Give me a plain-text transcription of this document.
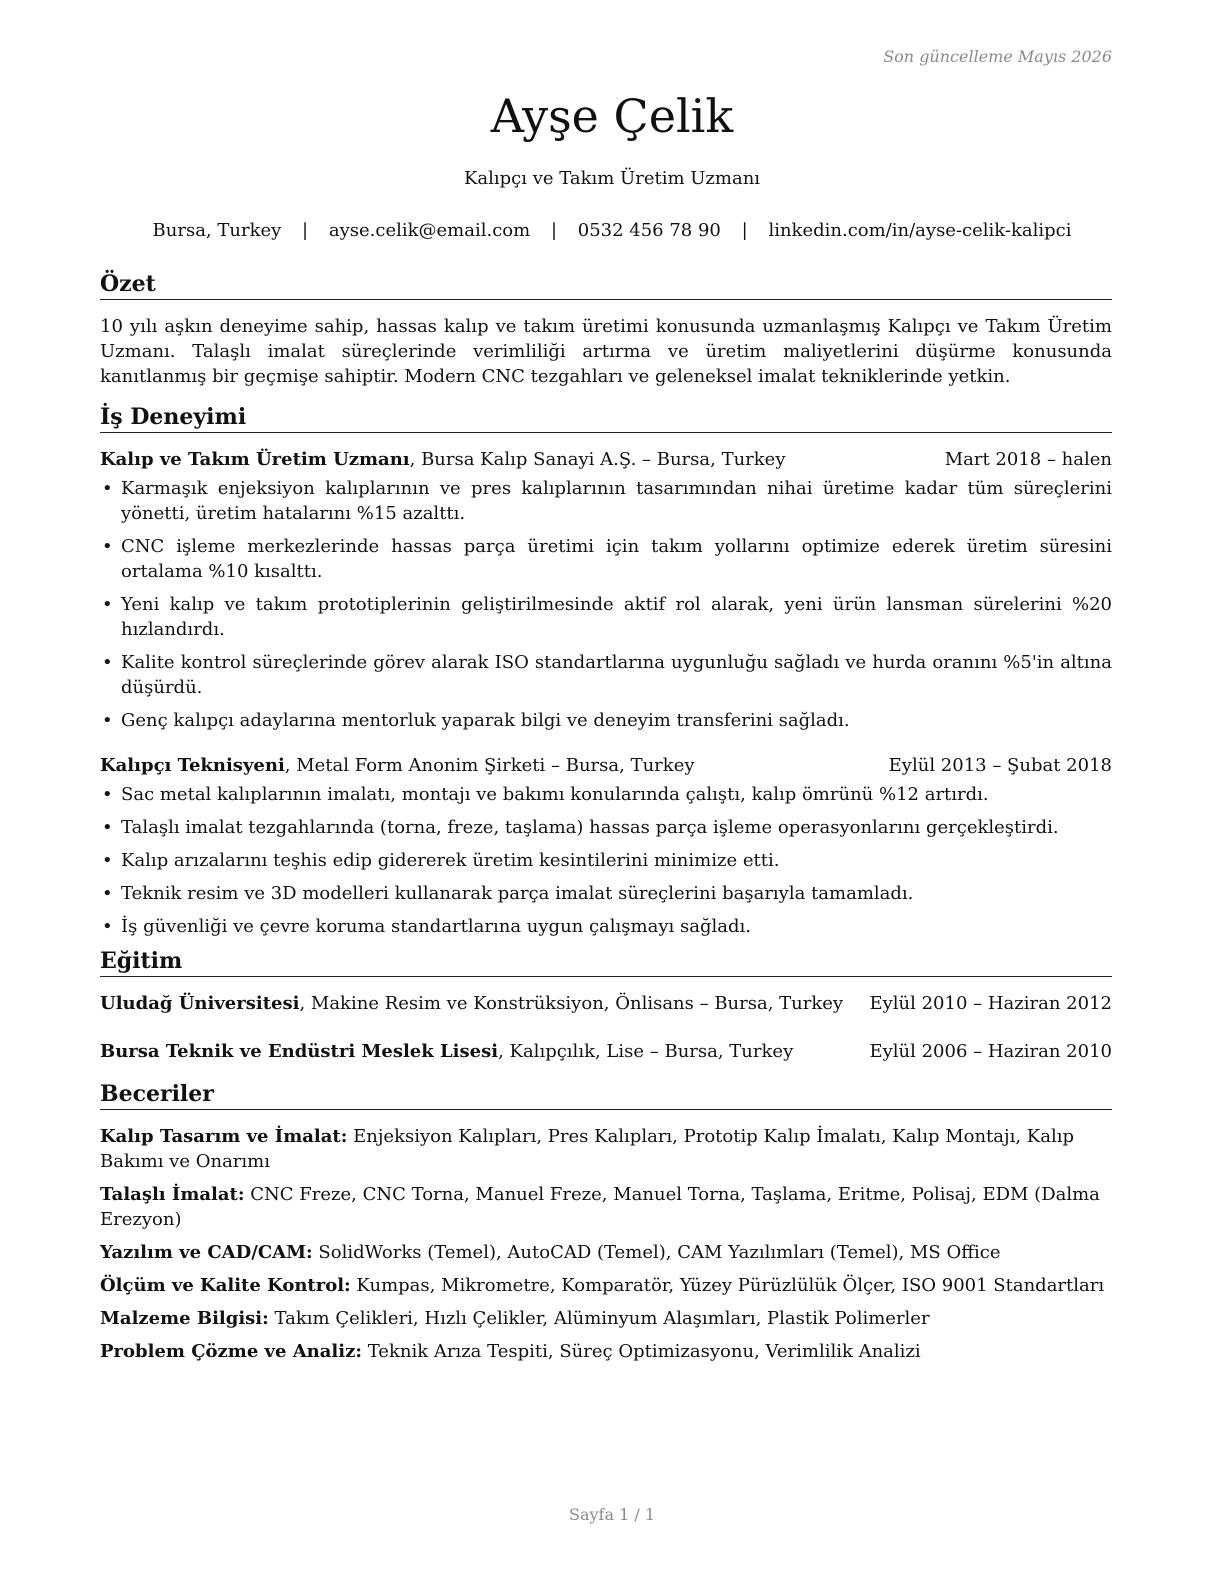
Son güncelleme Mayıs 2026
Ayşe Çelik
Kalıpçı ve Takım Üretim Uzmanı
Bursa, Turkey | ayse.celik@email.com | 0532 456 78 90 | linkedin.com/in/ayse-celik-kalipci
Özet

10 yılı aşkın deneyime sahip, hassas kalıp ve takım üretimi konusunda uzmanlaşmış Kalıpçı ve Takım Üretim Uzmanı. Talaşlı imalat süreçlerinde verimliliği artırma ve üretim maliyetlerini düşürme konusunda kanıtlanmış bir geçmişe sahiptir. Modern CNC tezgahları ve geleneksel imalat tekniklerinde yetkin.

İş Deneyimi
Kalıp ve Takım Üretim Uzmanı, Bursa Kalıp Sanayi A.Ş. – Bursa, Turkey	Mart 2018 – halen
• Karmaşık enjeksiyon kalıplarının ve pres kalıplarının tasarımından nihai üretime kadar tüm süreçlerini yönetti, üretim hatalarını %15 azalttı.
• CNC işleme merkezlerinde hassas parça üretimi için takım yollarını optimize ederek üretim süresini ortalama %10 kısalttı.
• Yeni kalıp ve takım prototiplerinin geliştirilmesinde aktif rol alarak, yeni ürün lansman sürelerini %20 hızlandırdı.
• Kalite kontrol süreçlerinde görev alarak ISO standartlarına uygunluğu sağladı ve hurda oranını %5'in altına düşürdü.
• Genç kalıpçı adaylarına mentorluk yaparak bilgi ve deneyim transferini sağladı.
Kalıpçı Teknisyeni, Metal Form Anonim Şirketi – Bursa, Turkey	Eylül 2013 – Şubat 2018
• Sac metal kalıplarının imalatı, montajı ve bakımı konularında çalıştı, kalıp ömrünü %12 artırdı.
• Talaşlı imalat tezgahlarında (torna, freze, taşlama) hassas parça işleme operasyonlarını gerçekleştirdi.
• Kalıp arızalarını teşhis edip gidererek üretim kesintilerini minimize etti.
• Teknik resim ve 3D modelleri kullanarak parça imalat süreçlerini başarıyla tamamladı.
• İş güvenliği ve çevre koruma standartlarına uygun çalışmayı sağladı.
Eğitim
Uludağ Üniversitesi, Makine Resim ve Konstrüksiyon, Önlisans – Bursa, Turkey Eylül 2010 – Haziran 2012
Bursa Teknik ve Endüstri Meslek Lisesi, Kalıpçılık, Lise – Bursa, Turkey	Eylül 2006 – Haziran 2010
Beceriler
Kalıp Tasarım ve İmalat: Enjeksiyon Kalıpları, Pres Kalıpları, Prototip Kalıp İmalatı, Kalıp Montajı, Kalıp Bakımı ve Onarımı
Talaşlı İmalat: CNC Freze, CNC Torna, Manuel Freze, Manuel Torna, Taşlama, Eritme, Polisaj, EDM (Dalma Erezyon)
Yazılım ve CAD/CAM: SolidWorks (Temel), AutoCAD (Temel), CAM Yazılımları (Temel), MS Office
Ölçüm ve Kalite Kontrol: Kumpas, Mikrometre, Komparatör, Yüzey Pürüzlülük Ölçer, ISO 9001 Standartları
Malzeme Bilgisi: Takım Çelikleri, Hızlı Çelikler, Alüminyum Alaşımları, Plastik Polimerler
Problem Çözme ve Analiz: Teknik Arıza Tespiti, Süreç Optimizasyonu, Verimlilik Analizi
Sayfa 1 / 1
